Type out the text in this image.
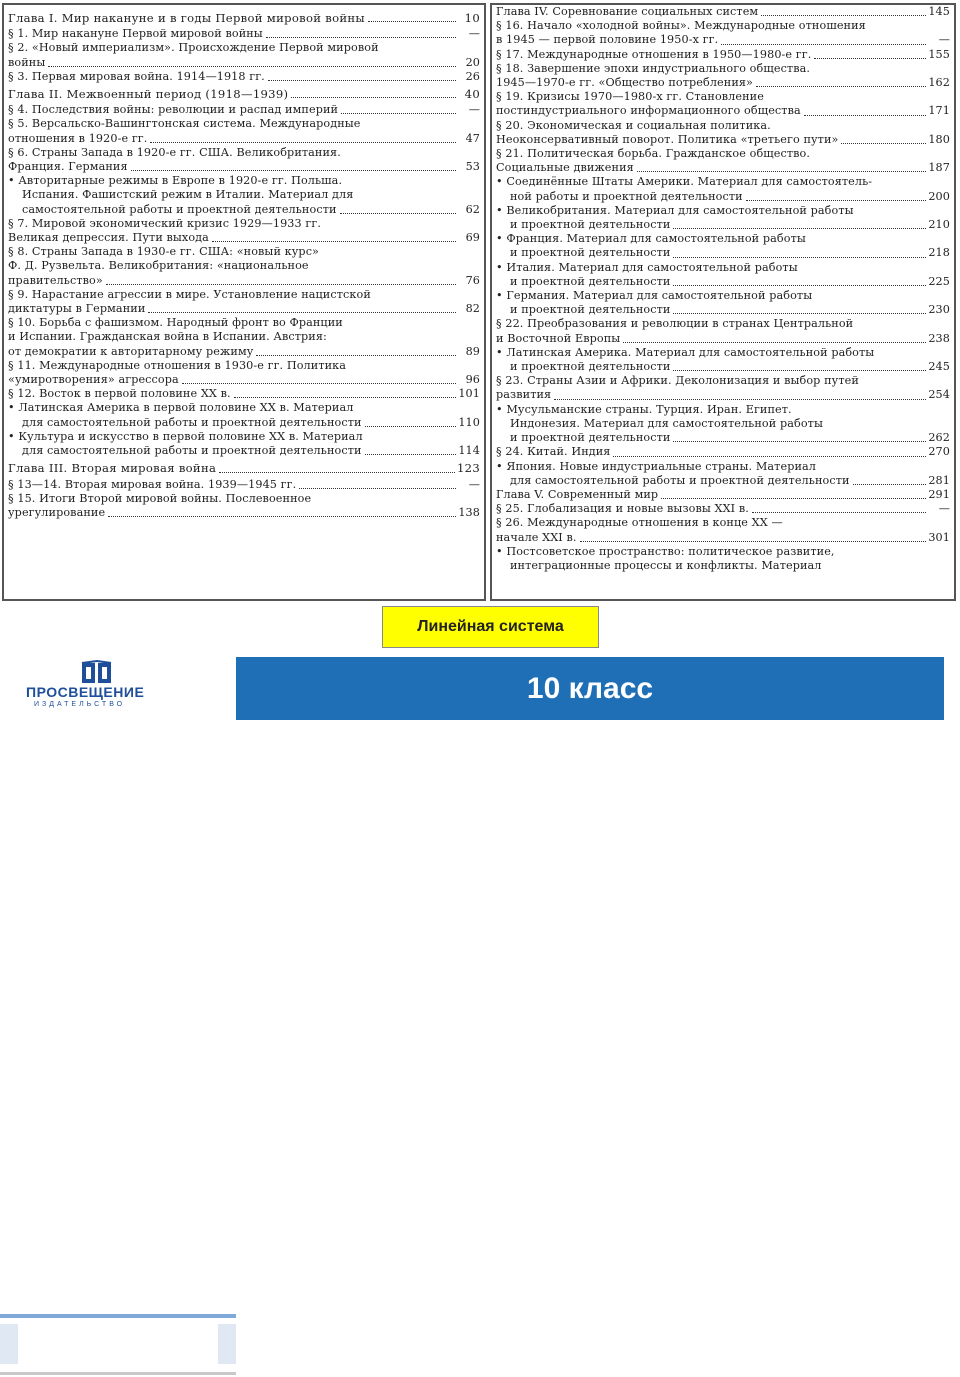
Глава I. Мир накануне и в годы Первой мировой войны	10
§ 1. Мир накануне Первой мировой войны	—
§ 2. «Новый империализм». Происхождение Первой мировой
войны	20
§ 3. Первая мировая война. 1914—1918 гг.	26
Глава II. Межвоенный период (1918—1939)	40
§ 4. Последствия войны: революции и распад империй	—
§ 5. Версальско-Вашингтонская система. Международные
отношения в 1920-е гг.	47
§ 6. Страны Запада в 1920-е гг. США. Великобритания.
Франция. Германия	53
• Авторитарные режимы в Европе в 1920-е гг. Польша.
Испания. Фашистский режим в Италии. Материал для
самостоятельной работы и проектной деятельности	62
§ 7. Мировой экономический кризис 1929—1933 гг.
Великая депрессия. Пути выхода	69
§ 8. Страны Запада в 1930-е гг. США: «новый курс»
Ф. Д. Рузвельта. Великобритания: «национальное
правительство»	76
§ 9. Нарастание агрессии в мире. Установление нацистской
диктатуры в Германии	82
§ 10. Борьба с фашизмом. Народный фронт во Франции
и Испании. Гражданская война в Испании. Австрия:
от демократии к авторитарному режиму	89
§ 11. Международные отношения в 1930-е гг. Политика
«умиротворения» агрессора	96
§ 12. Восток в первой половине XX в.	101
• Латинская Америка в первой половине XX в. Материал
для самостоятельной работы и проектной деятельности	110
• Культура и искусство в первой половине XX в. Материал
для самостоятельной работы и проектной деятельности	114
Глава III. Вторая мировая война	123
§ 13—14. Вторая мировая война. 1939—1945 гг.	—
§ 15. Итоги Второй мировой войны. Послевоенное
урегулирование	138
Глава IV. Соревнование социальных систем	145
§ 16. Начало «холодной войны». Международные отношения
в 1945 — первой половине 1950-х гг.	—
§ 17. Международные отношения в 1950—1980-е гг.	155
§ 18. Завершение эпохи индустриального общества.
1945—1970-е гг. «Общество потребления»	162
§ 19. Кризисы 1970—1980-х гг. Становление
постиндустриального информационного общества	171
§ 20. Экономическая и социальная политика.
Неоконсервативный поворот. Политика «третьего пути»	180
§ 21. Политическая борьба. Гражданское общество.
Социальные движения	187
• Соединённые Штаты Америки. Материал для самостоятель-
ной работы и проектной деятельности	200
• Великобритания. Материал для самостоятельной работы
и проектной деятельности	210
• Франция. Материал для самостоятельной работы
и проектной деятельности	218
• Италия. Материал для самостоятельной работы
и проектной деятельности	225
• Германия. Материал для самостоятельной работы
и проектной деятельности	230
§ 22. Преобразования и революции в странах Центральной
и Восточной Европы	238
• Латинская Америка. Материал для самостоятельной работы
и проектной деятельности	245
§ 23. Страны Азии и Африки. Деколонизация и выбор путей
развития	254
• Мусульманские страны. Турция. Иран. Египет.
Индонезия. Материал для самостоятельной работы
и проектной деятельности	262
§ 24. Китай. Индия	270
• Япония. Новые индустриальные страны. Материал
для самостоятельной работы и проектной деятельности	281
Глава V. Современный мир	291
§ 25. Глобализация и новые вызовы XXI в.	—
§ 26. Международные отношения в конце XX —
начале XXI в.	301
• Постсоветское пространство: политическое развитие,
интеграционные процессы и конфликты. Материал
Линейная система
ПРОСВЕЩЕНИЕ
ИЗДАТЕЛЬСТВО	10 класс
